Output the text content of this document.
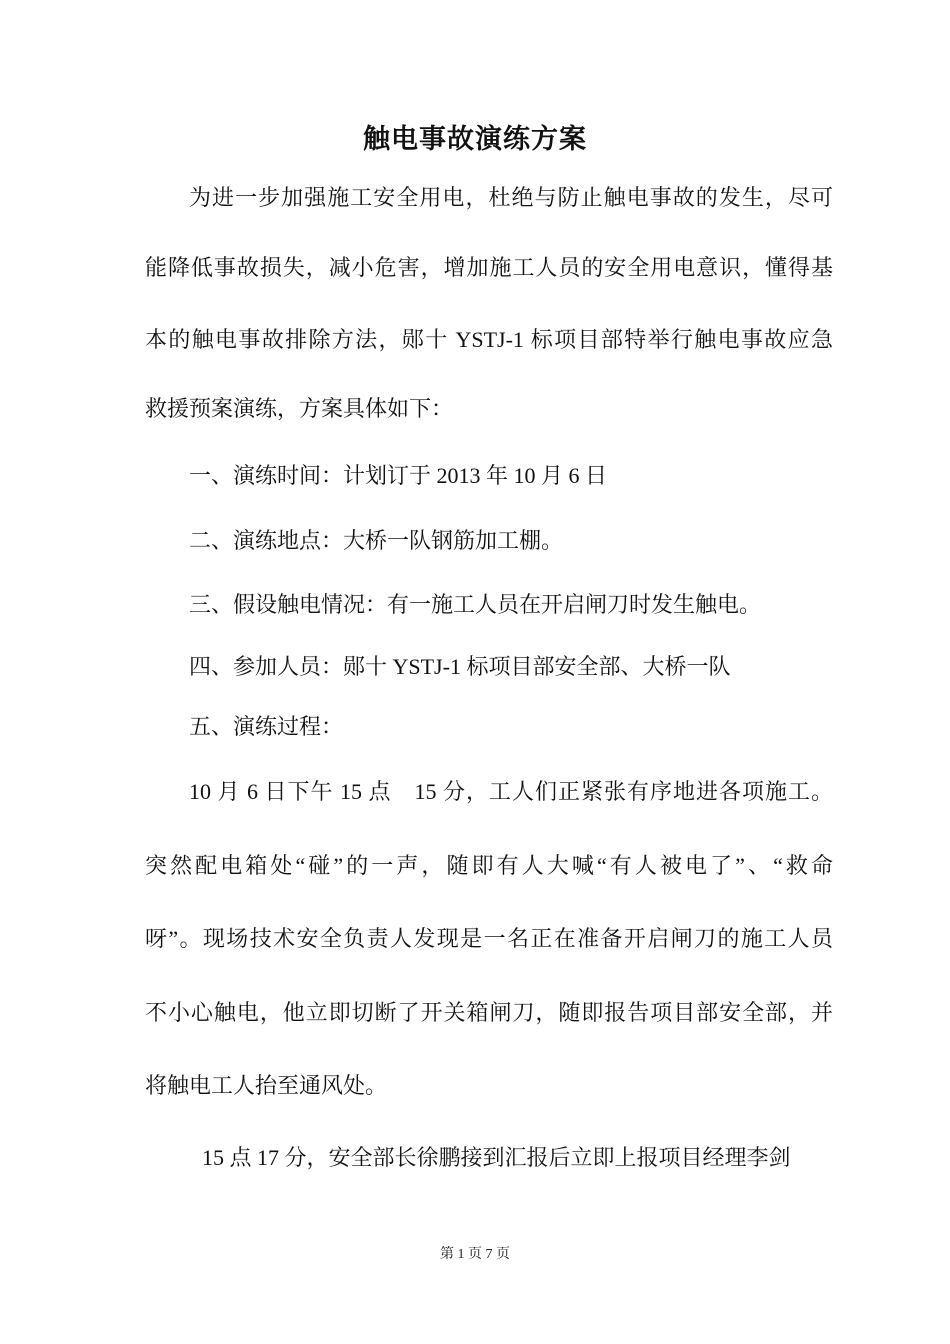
触电事故演练方案
为进一步加强施工安全用电，杜绝与防止触电事故的发生，尽可
能降低事故损失，减小危害，增加施工人员的安全用电意识，懂得基
本的触电事故排除方法，郧十 YSTJ-1 标项目部特举行触电事故应急
救援预案演练，方案具体如下：
一、演练时间：计划订于 2013 年 10 月 6 日
二、演练地点：大桥一队钢筋加工棚。
三、假设触电情况：有一施工人员在开启闸刀时发生触电。
四、参加人员：郧十 YSTJ-1 标项目部安全部、大桥一队
五、演练过程：
10 月 6 日下午 15 点　15 分，工人们正紧张有序地进各项施工。
突然配电箱处“碰”的一声，随即有人大喊“有人被电了”、“救命
呀”。现场技术安全负责人发现是一名正在准备开启闸刀的施工人员
不小心触电，他立即切断了开关箱闸刀，随即报告项目部安全部，并
将触电工人抬至通风处。
15 点 17 分，安全部长徐鹏接到汇报后立即上报项目经理李剑
第 1 页 7 页
